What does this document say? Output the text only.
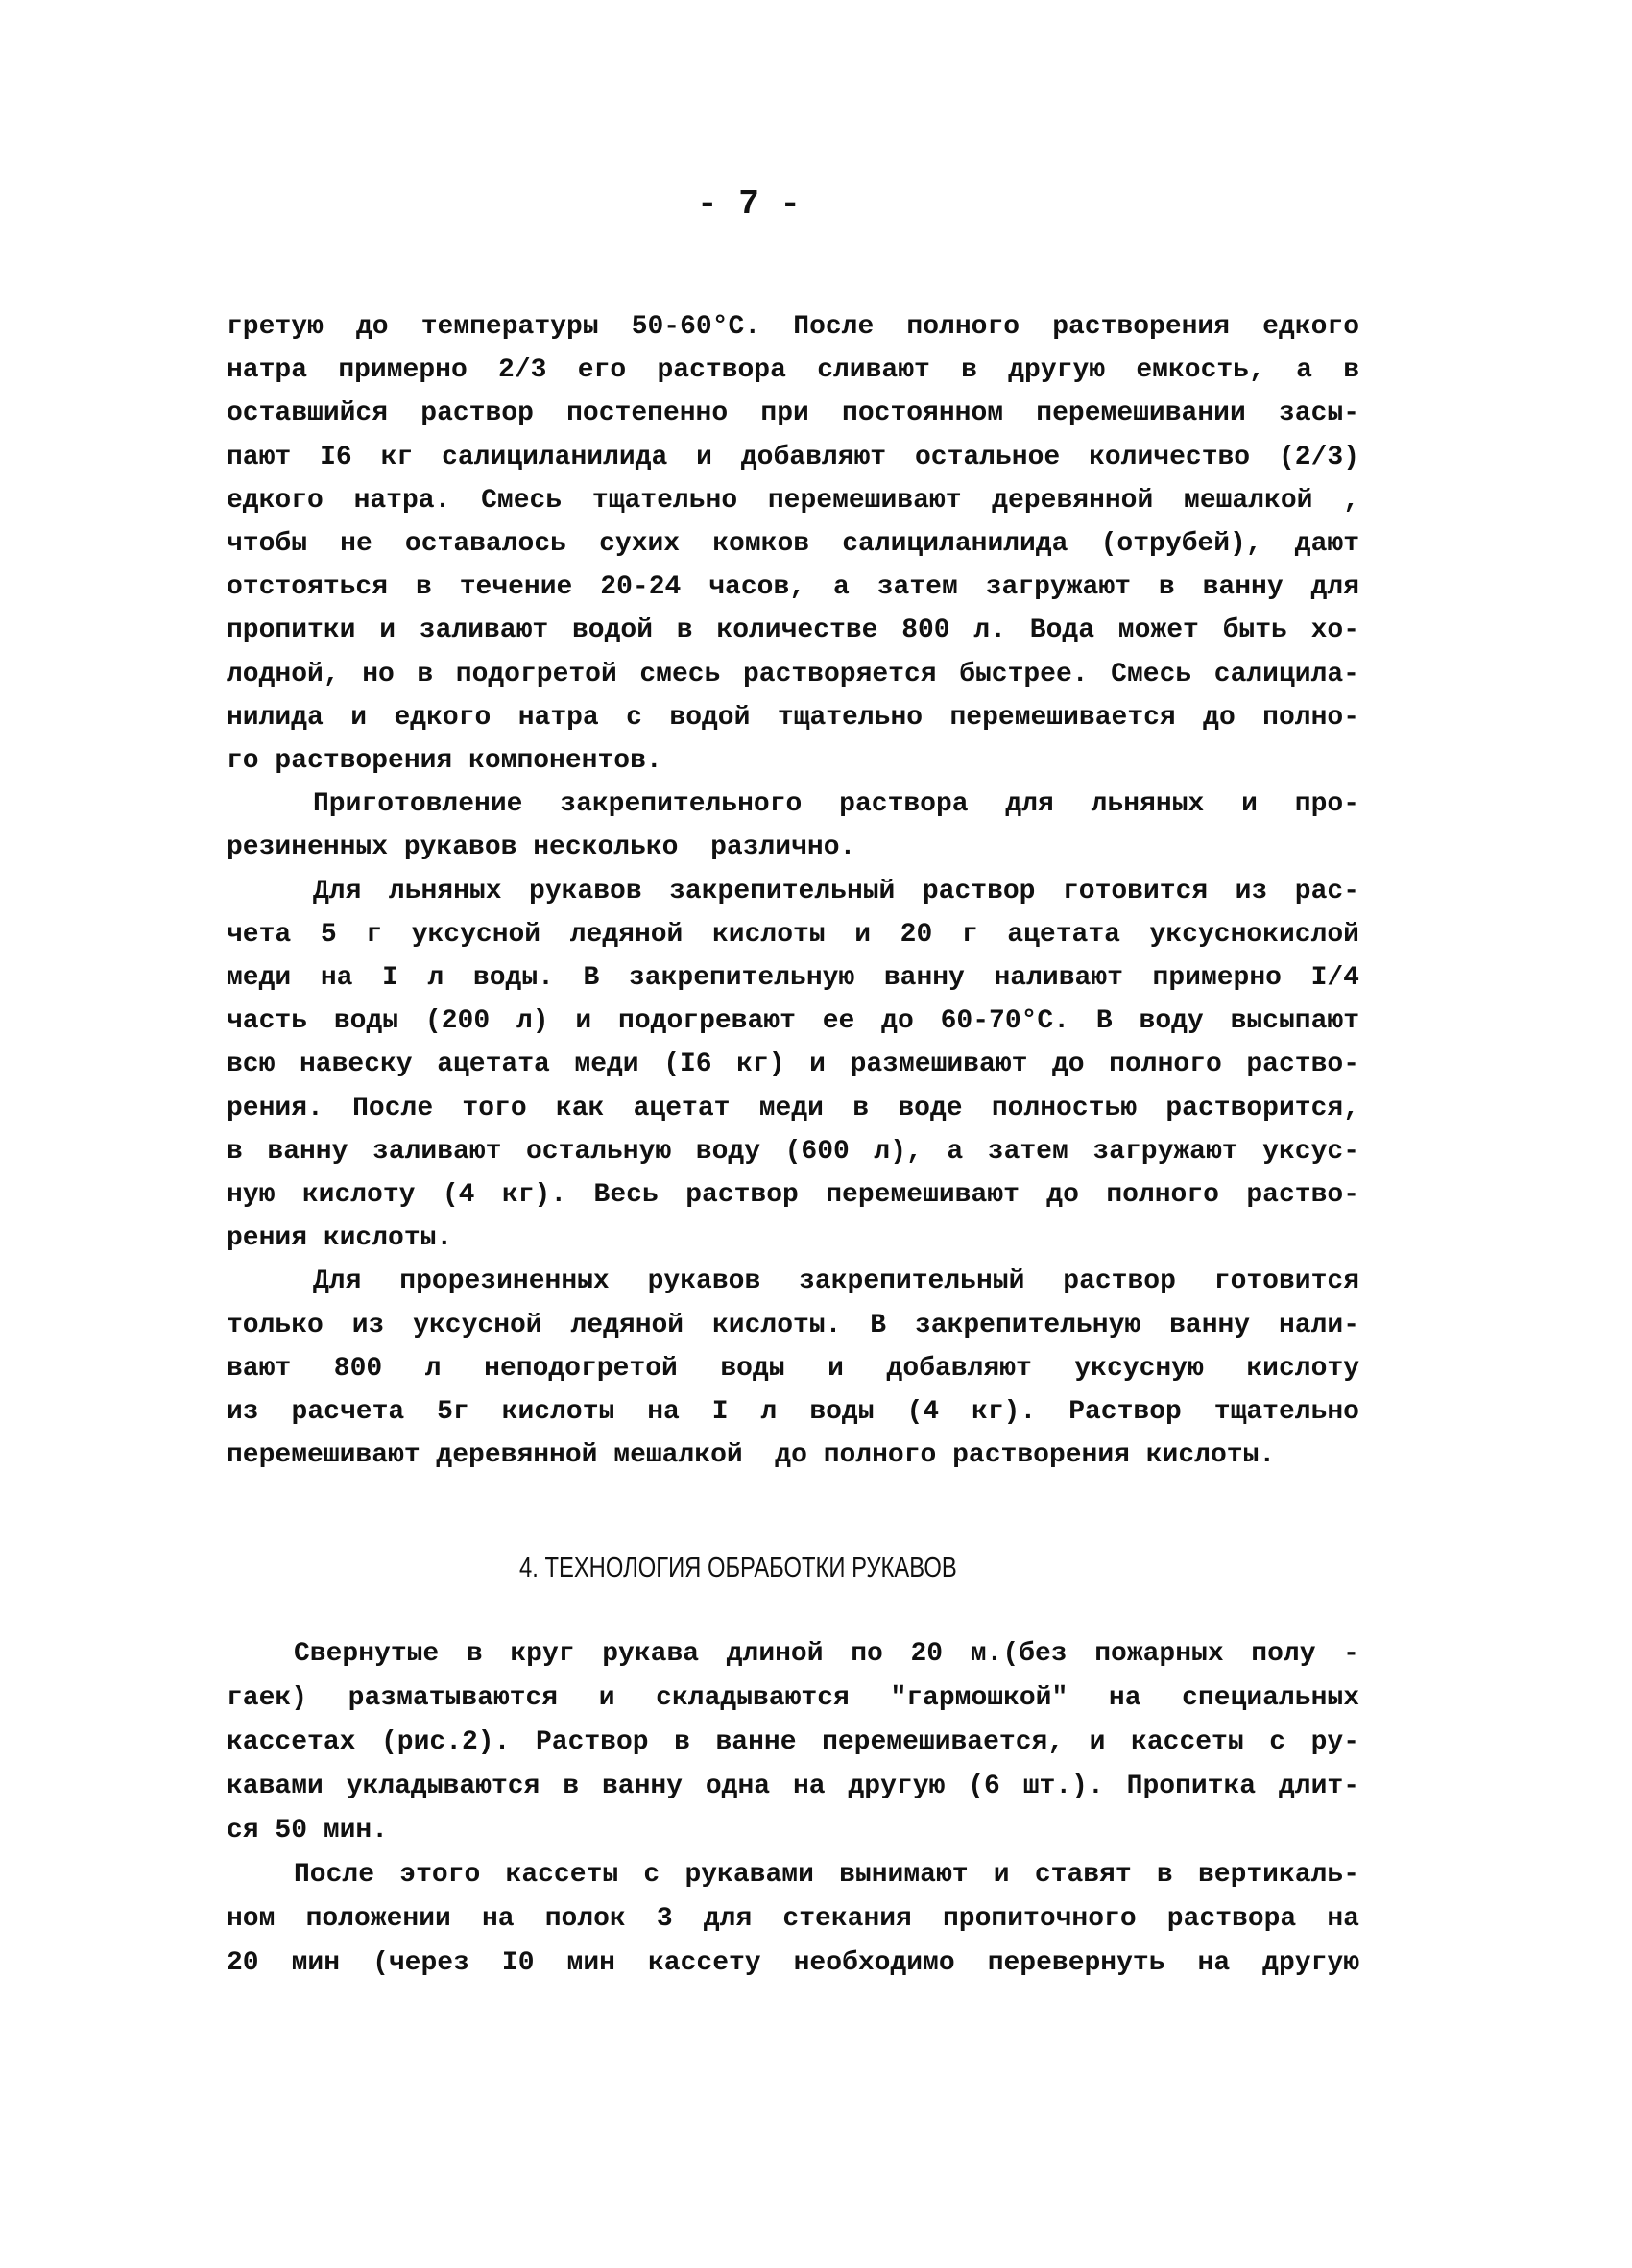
- 7 -
гретую до температуры 50-60°С. После полного растворения едкого
натра примерно 2/3 его раствора сливают в другую емкость, а в
оставшийся раствор постепенно при постоянном перемешивании засы-
пают I6 кг салициланилида и добавляют остальное количество (2/3)
едкого натра. Смесь тщательно перемешивают деревянной мешалкой ,
чтобы не оставалось сухих комков салициланилида (отрубей), дают
отстояться в течение 20-24 часов, а затем загружают в ванну для
пропитки и заливают водой в количестве 800 л. Вода может быть хо-
лодной, но в подогретой смесь растворяется быстрее. Смесь салицила-
нилида и едкого натра с водой тщательно перемешивается до полно-
го растворения компонентов.
Приготовление закрепительного раствора для льняных и про-
резиненных рукавов несколько  различно.
Для льняных рукавов закрепительный раствор готовится из рас-
чета 5 г уксусной ледяной кислоты и 20 г ацетата уксуснокислой
меди на I л воды. В закрепительную ванну наливают примерно I/4
часть воды (200 л) и подогревают ее до 60-70°С. В воду высыпают
всю навеску ацетата меди (I6 кг) и размешивают до полного раство-
рения. После того как ацетат меди в воде полностью растворится,
в ванну заливают остальную воду (600 л), а затем загружают уксус-
ную кислоту (4 кг). Весь раствор перемешивают до полного раство-
рения кислоты.
Для прорезиненных рукавов закрепительный раствор готовится
только из уксусной ледяной кислоты. В закрепительную ванну нали-
вают 800 л неподогретой воды и добавляют уксусную кислоту
из расчета 5г кислоты на I л воды (4 кг). Раствор тщательно
перемешивают деревянной мешалкой  до полного растворения кислоты.
4. ТЕХНОЛОГИЯ ОБРАБОТКИ РУКАВОВ
Свернутые в круг рукава длиной по 20 м.(без пожарных полу -
гаек) разматываются и складываются "гармошкой" на специальных
кассетах (рис.2). Раствор в ванне перемешивается, и кассеты с ру-
кавами укладываются в ванну одна на другую (6 шт.). Пропитка длит-
ся 50 мин.
После этого кассеты с рукавами вынимают и ставят в вертикаль-
ном положении на полок 3 для стекания пропиточного раствора на
20 мин (через I0 мин кассету необходимо перевернуть на другую
